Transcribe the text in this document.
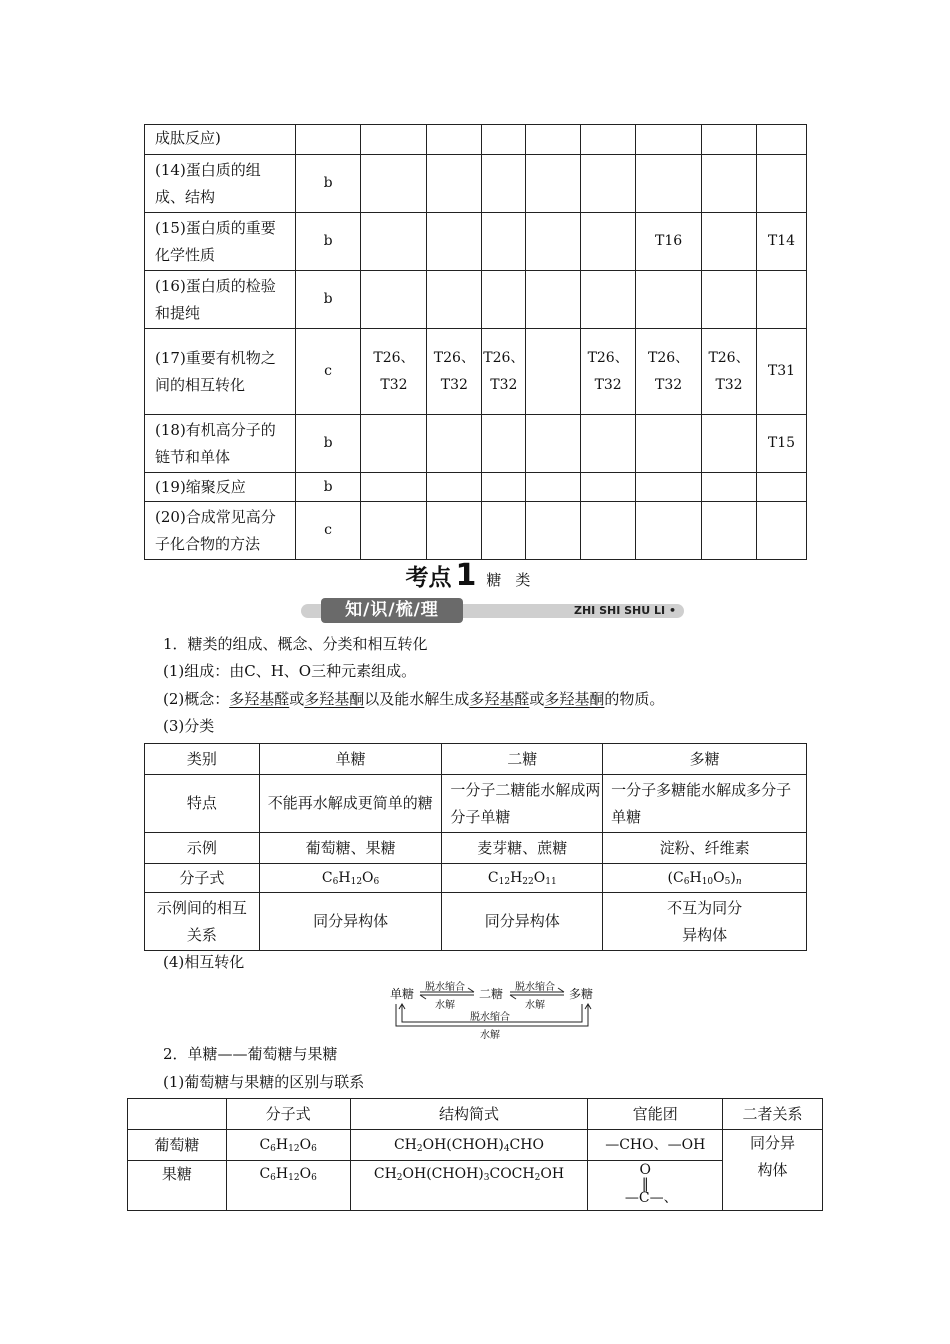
成肽反应)									
(14)蛋白质的组成、结构	b								
(15)蛋白质的重要化学性质	b						T16		T14
(16)蛋白质的检验和提纯	b								
(17)重要有机物之间的相互转化	c	T26、T32	T26、T32	T26、T32		T26、T32	T26、T32	T26、T32	T31
(18)有机高分子的链节和单体	b								T15
(19)缩聚反应	b								
(20)合成常见高分子化合物的方法	c								
考点 1 糖类
知/识/梳/理	ZHI SHI SHU LI •
1．糖类的组成、概念、分类和相互转化
(1)组成：由C、H、O三种元素组成。
(2)概念：多羟基醛或多羟基酮以及能水解生成多羟基醛或多羟基酮的物质。
(3)分类
类别	单糖	二糖	多糖
特点	不能再水解成更简单的糖	一分子二糖能水解成两分子单糖	一分子多糖能水解成多分子单糖
示例	葡萄糖、果糖	麦芽糖、蔗糖	淀粉、纤维素
分子式	$C_6H_{12}O_6$	$C_{12}H_{22}O_{11}$	$(C_6H_{10}O_5)_n$
示例间的相互关系	同分异构体	同分异构体	不互为同分异构体
(4)相互转化
单糖	二糖	多糖
脱水缩合
水解
脱水缩合
水解
脱水缩合
水解
2．单糖——葡萄糖与果糖
(1)葡萄糖与果糖的区别与联系
	分子式	结构简式	官能团	二者关系
葡萄糖	$C_6H_{12}O_6$	$CH_2OH(CHOH)_4CHO$	—CHO、—OH	同分异构体
果糖	$C_6H_{12}O_6$	$CH_2OH(CHOH)_3COCH_2OH$	O
‖
—C—、	
